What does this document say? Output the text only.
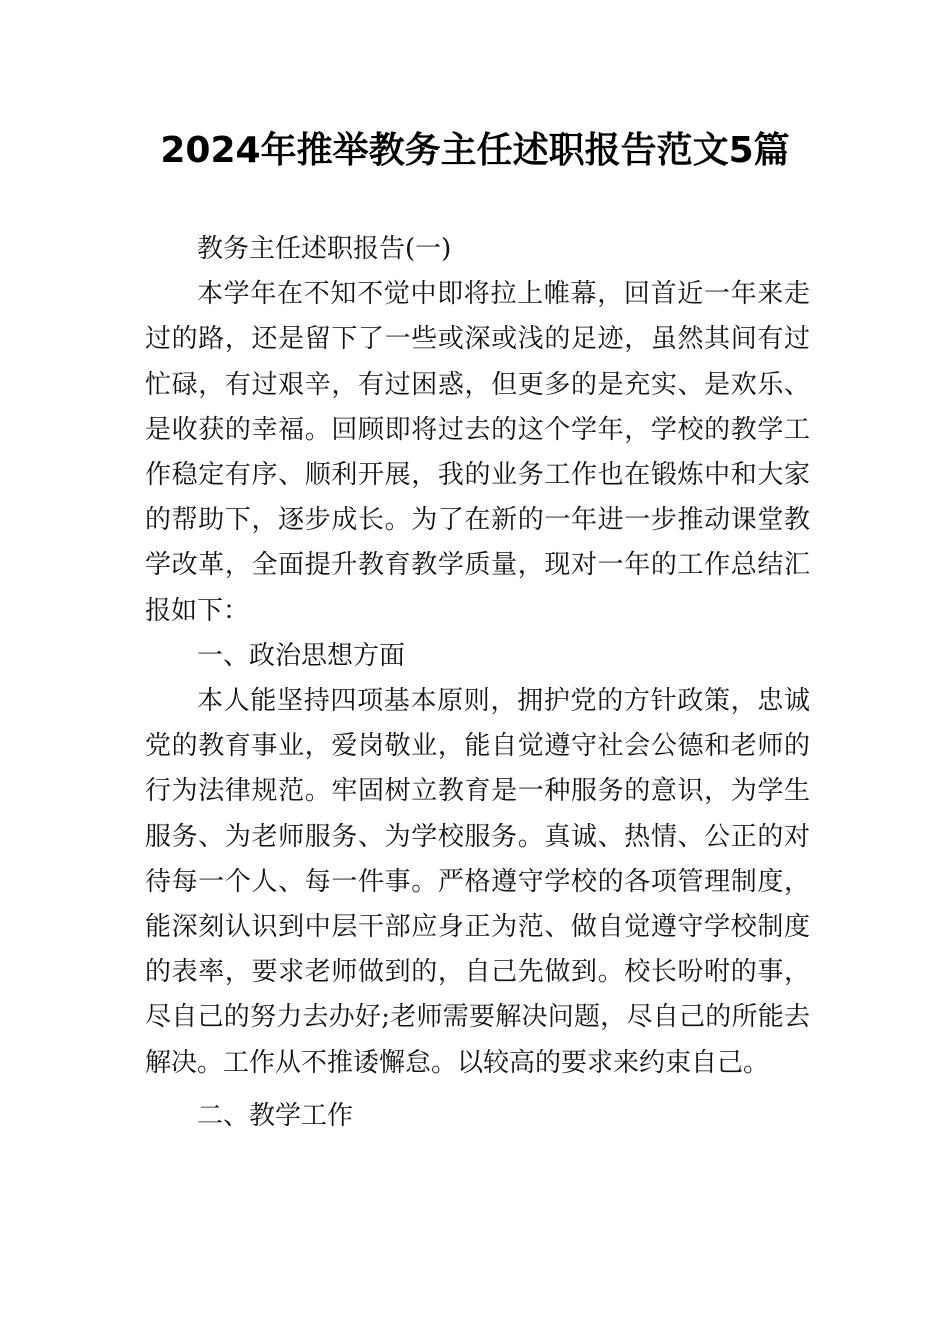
2024年推举教务主任述职报告范文5篇

教务主任述职报告(一)

本学年在不知不觉中即将拉上帷幕，回首近一年来走过的路，还是留下了一些或深或浅的足迹，虽然其间有过忙碌，有过艰辛，有过困惑，但更多的是充实、是欢乐、是收获的幸福。回顾即将过去的这个学年，学校的教学工作稳定有序、顺利开展，我的业务工作也在锻炼中和大家的帮助下，逐步成长。为了在新的一年进一步推动课堂教学改革，全面提升教育教学质量，现对一年的工作总结汇报如下：

一、政治思想方面

本人能坚持四项基本原则，拥护党的方针政策，忠诚党的教育事业，爱岗敬业，能自觉遵守社会公德和老师的行为法律规范。牢固树立教育是一种服务的意识，为学生服务、为老师服务、为学校服务。真诚、热情、公正的对待每一个人、每一件事。严格遵守学校的各项管理制度，能深刻认识到中层干部应身正为范、做自觉遵守学校制度的表率，要求老师做到的，自己先做到。校长吩咐的事，尽自己的努力去办好;老师需要解决问题，尽自己的所能去解决。工作从不推诿懈怠。以较高的要求来约束自己。

二、教学工作
